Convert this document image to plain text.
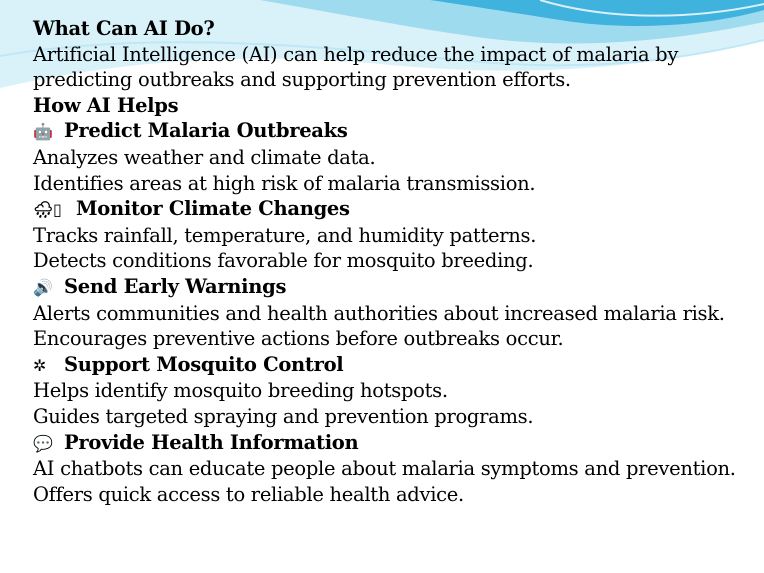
What Can AI Do?
Artificial Intelligence (AI) can help reduce the impact of malaria by
predicting outbreaks and supporting prevention efforts.
How AI Helps
🤖 Predict Malaria Outbreaks
Analyzes weather and climate data.
Identifies areas at high risk of malaria transmission.
🌧▯ Monitor Climate Changes
Tracks rainfall, temperature, and humidity patterns.
Detects conditions favorable for mosquito breeding.
🔊 Send Early Warnings
Alerts communities and health authorities about increased malaria risk.
Encourages preventive actions before outbreaks occur.
✲ Support Mosquito Control
Helps identify mosquito breeding hotspots.
Guides targeted spraying and prevention programs.
💬 Provide Health Information
AI chatbots can educate people about malaria symptoms and prevention.
Offers quick access to reliable health advice.
